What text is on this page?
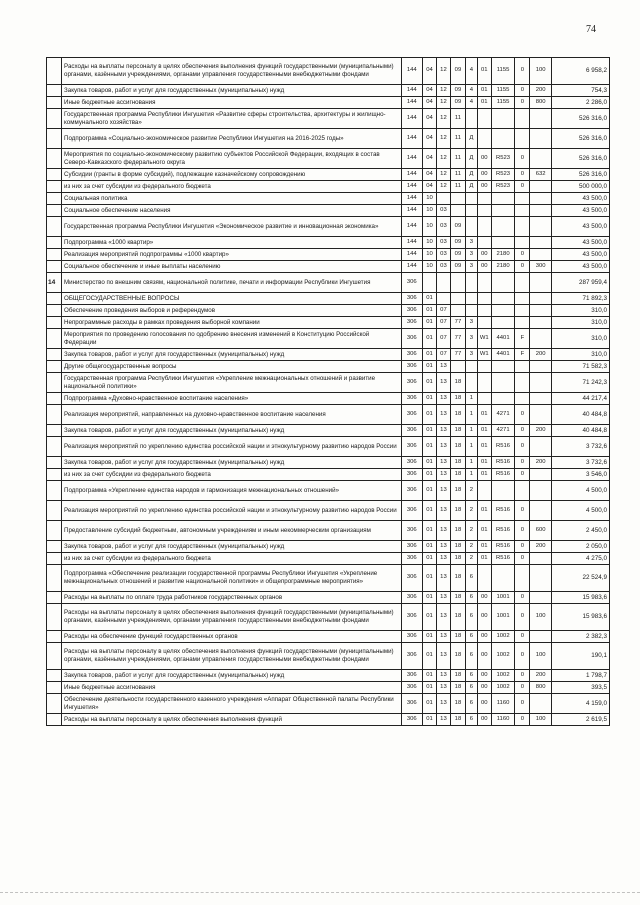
74
	Расходы на выплаты персоналу в целях обеспечения выполнения функций государственными (муниципальными) органами, казёнными учреждениями, органами управления государственными внебюджетными фондами	144	04	12	09	4	01	1155	0	100	6 958,2
	Закупка товаров, работ и услуг для государственных (муниципальных) нужд	144	04	12	09	4	01	1155	0	200	754,3
	Иные бюджетные ассигнования	144	04	12	09	4	01	1155	0	800	2 286,0
	Государственная программа Республики Ингушетия «Развитие сферы строительства, архитектуры и жилищно-коммунального хозяйства»	144	04	12	11						526 316,0
	Подпрограмма «Социально-экономическое развитие Республики Ингушетия на 2016-2025 годы»	144	04	12	11	Д					526 316,0
	Мероприятия по социально-экономическому развитию субъектов Российской Федерации, входящих в состав Северо-Кавказского федерального округа	144	04	12	11	Д	00	R523	0		526 316,0
	Субсидии (гранты в форме субсидий), подлежащие казначейскому сопровождению	144	04	12	11	Д	00	R523	0	632	526 316,0
	из них за счет субсидии из федерального бюджета	144	04	12	11	Д	00	R523	0		500 000,0
	Социальная политика	144	10								43 500,0
	Социальное обеспечение населения	144	10	03							43 500,0
	Государственная программа Республики Ингушетия «Экономическое развитие и инновационная экономика»	144	10	03	09						43 500,0
	Подпрограмма «1000 квартир»	144	10	03	09	3					43 500,0
	Реализация мероприятий подпрограммы «1000 квартир»	144	10	03	09	3	00	2180	0		43 500,0
	Социальное обеспечение и иные выплаты населению	144	10	03	09	3	00	2180	0	300	43 500,0
14	Министерство по внешним связям, национальной политике, печати и информации Республики Ингушетия	306									287 959,4
	ОБЩЕГОСУДАРСТВЕННЫЕ ВОПРОСЫ	306	01								71 892,3
	Обеспечение проведения выборов и референдумов	306	01	07							310,0
	Непрограммные расходы в рамках проведения выборной компании	306	01	07	77	3					310,0
	Мероприятия по проведению голосования по одобрению внесения изменений в Конституцию Российской Федерации	306	01	07	77	3	W1	4401	F		310,0
	Закупка товаров, работ и услуг для государственных (муниципальных) нужд	306	01	07	77	3	W1	4401	F	200	310,0
	Другие общегосударственные вопросы	306	01	13							71 582,3
	Государственная программа Республики Ингушетия «Укрепление межнациональных отношений и развитие национальной политики»	306	01	13	18						71 242,3
	Подпрограмма «Духовно-нравственное воспитание населения»	306	01	13	18	1					44 217,4
	Реализация мероприятий, направленных на духовно-нравственное воспитание населения	306	01	13	18	1	01	4271	0		40 484,8
	Закупка товаров, работ и услуг для государственных (муниципальных) нужд	306	01	13	18	1	01	4271	0	200	40 484,8
	Реализация мероприятий по укреплению единства российской нации и этнокультурному развитию народов России	306	01	13	18	1	01	R516	0		3 732,6
	Закупка товаров, работ и услуг для государственных (муниципальных) нужд	306	01	13	18	1	01	R516	0	200	3 732,6
	из них за счет субсидии из федерального бюджета	306	01	13	18	1	01	R516	0		3 546,0
	Подпрограмма «Укрепление единства народов и гармонизация межнациональных отношений»	306	01	13	18	2					4 500,0
	Реализация мероприятий по укреплению единства российской нации и этнокультурному развитию народов России	306	01	13	18	2	01	R516	0		4 500,0
	Предоставление субсидий бюджетным, автономным учреждениям и иным некоммерческим организациям	306	01	13	18	2	01	R516	0	600	2 450,0
	Закупка товаров, работ и услуг для государственных (муниципальных) нужд	306	01	13	18	2	01	R516	0	200	2 050,0
	из них за счет субсидии из федерального бюджета	306	01	13	18	2	01	R516	0		4 275,0
	Подпрограмма «Обеспечение реализации государственной программы Республики Ингушетия «Укрепление межнациональных отношений и развитие национальной политики» и общепрограммные мероприятия»	306	01	13	18	6					22 524,9
	Расходы на выплаты по оплате труда работников государственных органов	306	01	13	18	6	00	1001	0		15 983,6
	Расходы на выплаты персоналу в целях обеспечения выполнения функций государственными (муниципальными) органами, казёнными учреждениями, органами управления государственными внебюджетными фондами	306	01	13	18	6	00	1001	0	100	15 983,6
	Расходы на обеспечение функций государственных органов	306	01	13	18	6	00	1002	0		2 382,3
	Расходы на выплаты персоналу в целях обеспечения выполнения функций государственными (муниципальными) органами, казёнными учреждениями, органами управления государственными внебюджетными фондами	306	01	13	18	6	00	1002	0	100	190,1
	Закупка товаров, работ и услуг для государственных (муниципальных) нужд	306	01	13	18	6	00	1002	0	200	1 798,7
	Иные бюджетные ассигнования	306	01	13	18	6	00	1002	0	800	393,5
	Обеспечение деятельности государственного казенного учреждения «Аппарат Общественной палаты Республики Ингушетия»	306	01	13	18	6	00	1160	0		4 159,0
	Расходы на выплаты персоналу в целях обеспечения выполнения функций	306	01	13	18	6	00	1160	0	100	2 619,5
